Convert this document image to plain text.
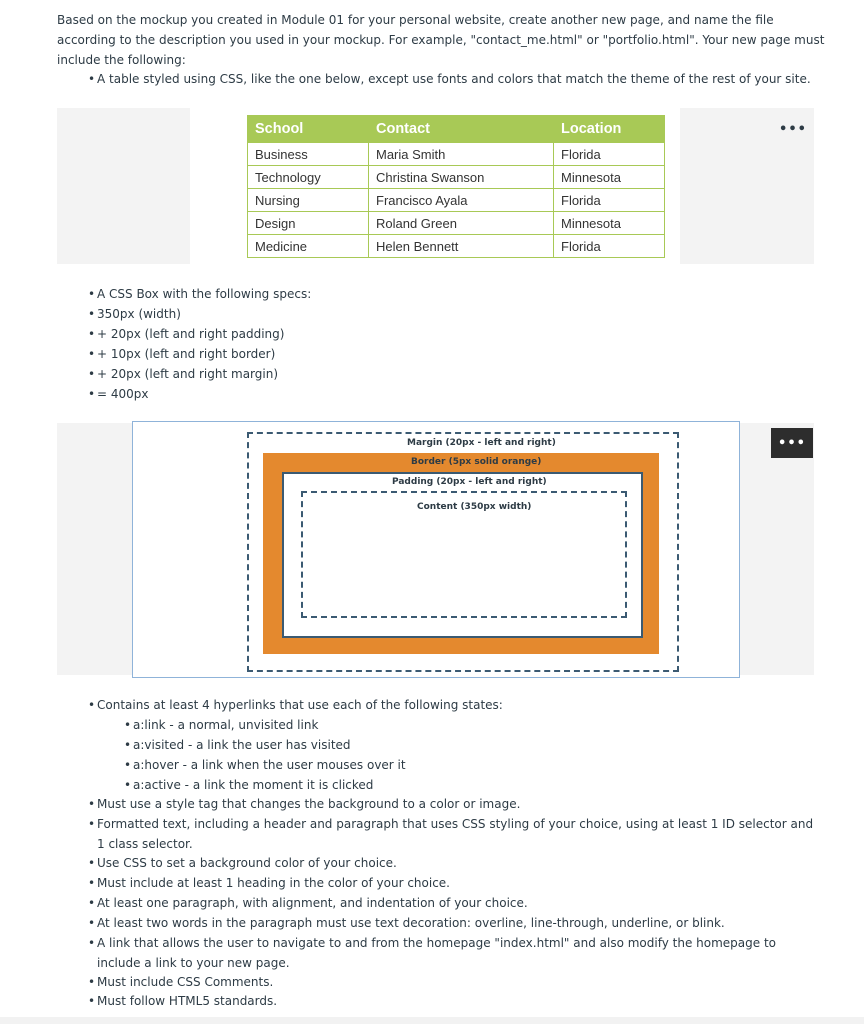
Based on the mockup you created in Module 01 for your personal website, create another new page, and name the file according to the description you used in your mockup. For example, "contact_me.html" or "portfolio.html". Your new page must include the following:

• A table styled using CSS, like the one below, except use fonts and colors that match the theme of the rest of your site.
•••
School	Contact	Location
Business	Maria Smith	Florida
Technology	Christina Swanson	Minnesota
Nursing	Francisco Ayala	Florida
Design	Roland Green	Minnesota
Medicine	Helen Bennett	Florida
• A CSS Box with the following specs:
• 350px (width)
• + 20px (left and right padding)
• + 10px (left and right border)
• + 20px (left and right margin)
• = 400px
•••
Margin (20px - left and right)
Border (5px solid orange)
Padding (20px - left and right)
Content (350px width)
• Contains at least 4 hyperlinks that use each of the following states:
• a:link - a normal, unvisited link
• a:visited - a link the user has visited
• a:hover - a link when the user mouses over it
• a:active - a link the moment it is clicked
• Must use a style tag that changes the background to a color or image.
• Formatted text, including a header and paragraph that uses CSS styling of your choice, using at least 1 ID selector and
1 class selector.
• Use CSS to set a background color of your choice.
• Must include at least 1 heading in the color of your choice.
• At least one paragraph, with alignment, and indentation of your choice.
• At least two words in the paragraph must use text decoration: overline, line-through, underline, or blink.
• A link that allows the user to navigate to and from the homepage "index.html" and also modify the homepage to
include a link to your new page.
• Must include CSS Comments.
• Must follow HTML5 standards.
